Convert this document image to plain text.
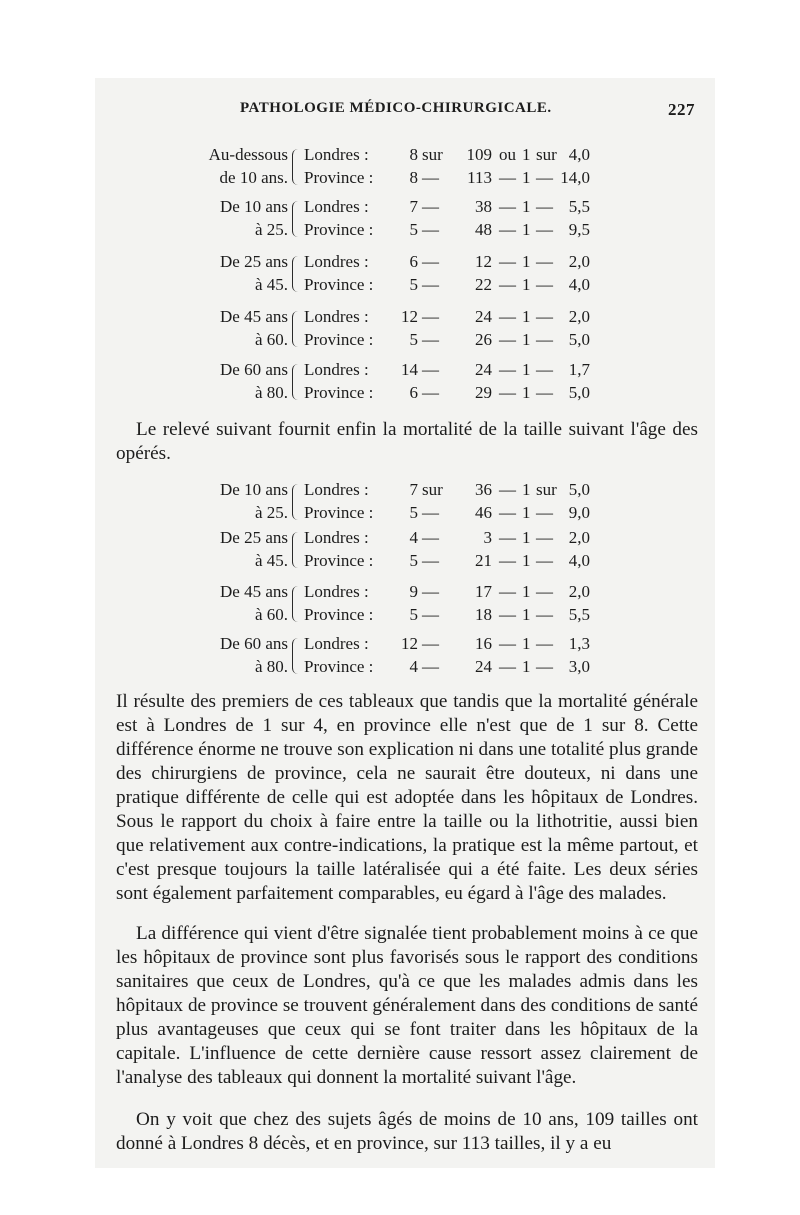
PATHOLOGIE MÉDICO-CHIRURGICALE.	227
Au-dessous
de 10 ans.
Londres :	8 sur	109 ou 1 sur 4,0
Province :	8 —	113 — 1 — 14,0
De 10 ans
à 25.
Londres :	7 —	38 — 1 — 5,5
Province :	5 —	48 — 1 — 9,5
De 25 ans
à 45.
Londres :	6 —	12 — 1 — 2,0
Province :	5 —	22 — 1 — 4,0
De 45 ans
à 60.
Londres :	12 —	24 — 1 — 2,0
Province :	5 —	26 — 1 — 5,0
De 60 ans
à 80.
Londres :	14 —	24 — 1 — 1,7
Province :	6 —	29 — 1 — 5,0

Le relevé suivant fournit enfin la mortalité de la taille suivant l'âge des opérés.

De 10 ans
à 25.
Londres :	7 sur	36 — 1 sur 5,0
Province :	5 —	46 — 1 — 9,0
De 25 ans
à 45.
Londres :	4 —	3 — 1 — 2,0
Province :	5 —	21 — 1 — 4,0
De 45 ans
à 60.
Londres :	9 —	17 — 1 — 2,0
Province :	5 —	18 — 1 — 5,5
De 60 ans
à 80.
Londres :	12 —	16 — 1 — 1,3
Province :	4 —	24 — 1 — 3,0

Il résulte des premiers de ces tableaux que tandis que la mortalité générale est à Londres de 1 sur 4, en province elle n'est que de 1 sur 8. Cette différence énorme ne trouve son explication ni dans une totalité plus grande des chirurgiens de province, cela ne saurait être douteux, ni dans une pratique différente de celle qui est adoptée dans les hôpitaux de Londres. Sous le rapport du choix à faire entre la taille ou la lithotritie, aussi bien que relativement aux contre-indications, la pratique est la même partout, et c'est presque toujours la taille latéralisée qui a été faite. Les deux séries sont également parfaitement comparables, eu égard à l'âge des malades.

La différence qui vient d'être signalée tient probablement moins à ce que les hôpitaux de province sont plus favorisés sous le rapport des conditions sanitaires que ceux de Londres, qu'à ce que les malades admis dans les hôpitaux de province se trouvent généralement dans des conditions de santé plus avantageuses que ceux qui se font traiter dans les hôpitaux de la capitale. L'influence de cette dernière cause ressort assez clairement de l'analyse des tableaux qui donnent la mortalité suivant l'âge.

On y voit que chez des sujets âgés de moins de 10 ans, 109 tailles ont donné à Londres 8 décès, et en province, sur 113 tailles, il y a eu
